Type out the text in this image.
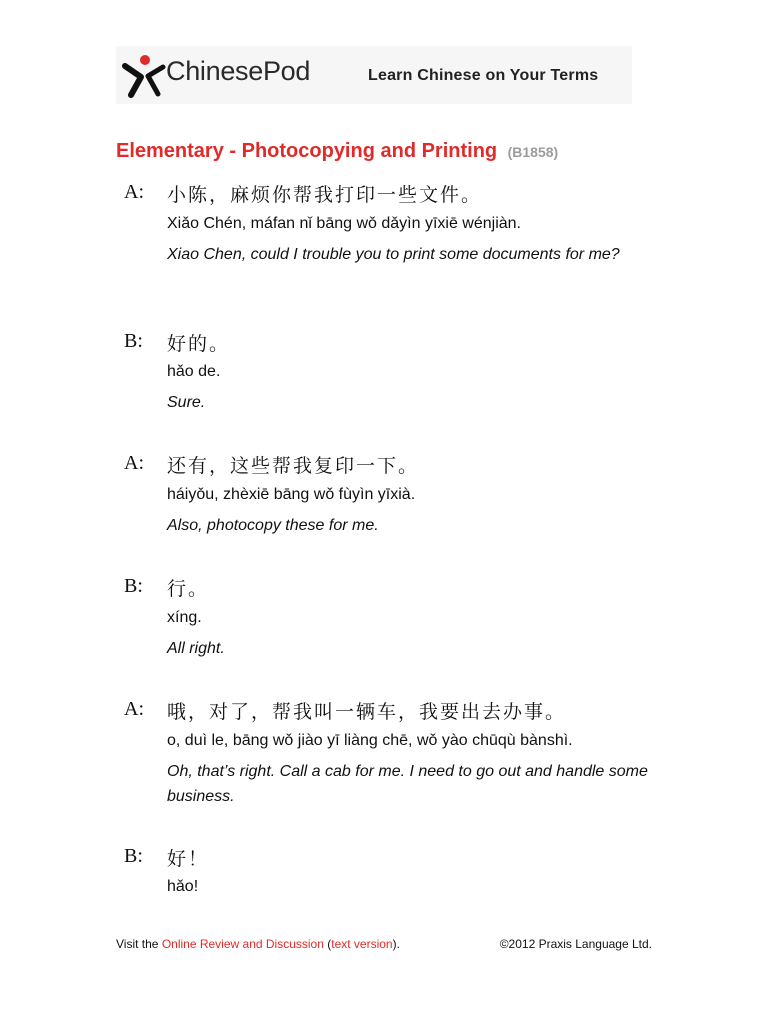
ChinesePod	Learn Chinese on Your Terms
Elementary - Photocopying and Printing (B1858)
A: 小陈，麻烦你帮我打印一些文件。
Xiǎo Chén, máfan nǐ bāng wǒ dǎyìn yīxiē wénjiàn.
Xiao Chen, could I trouble you to print some documents for me?
B: 好的。
hǎo de.
Sure.
A: 还有，这些帮我复印一下。
háiyǒu, zhèxiē bāng wǒ fùyìn yīxià.
Also, photocopy these for me.
B: 行。
xíng.
All right.
A: 哦，对了，帮我叫一辆车，我要出去办事。
o, duì le, bāng wǒ jiào yī liàng chē, wǒ yào chūqù bànshì.
Oh, that’s right. Call a cab for me. I need to go out and handle some business.
B: 好！
hǎo!
Visit the Online Review and Discussion (text version).	©2012 Praxis Language Ltd.
